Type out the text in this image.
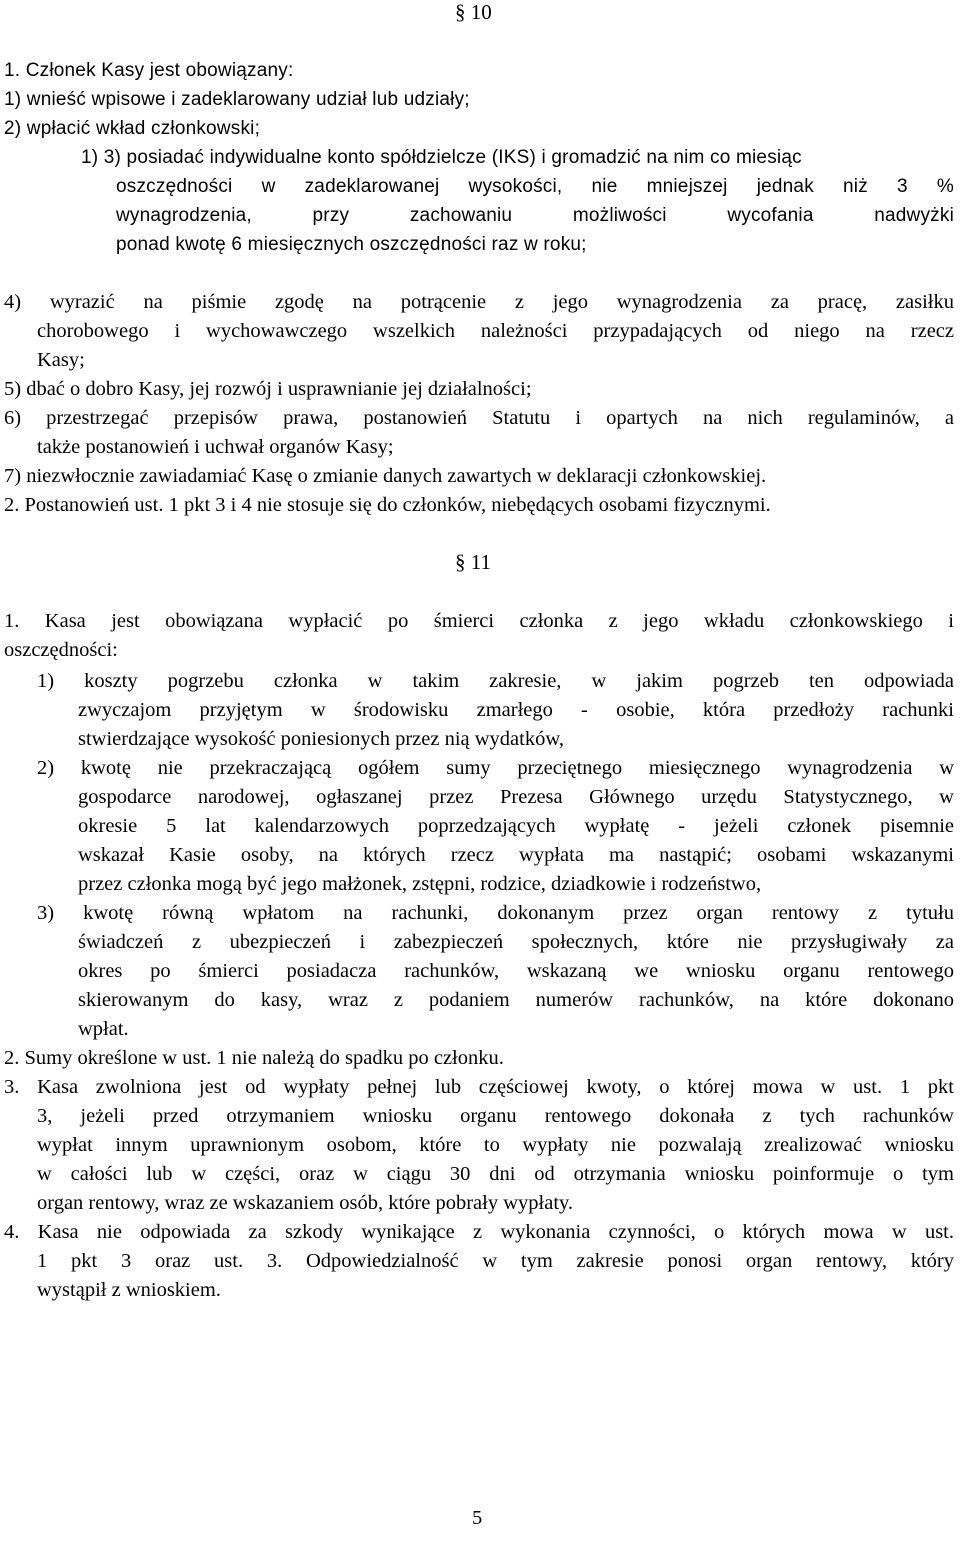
§ 10
1. Członek Kasy jest obowiązany:
1) wnieść wpisowe i zadeklarowany udział lub udziały;
2) wpłacić wkład członkowski;
1) 3) posiadać indywidualne konto spółdzielcze (IKS) i gromadzić na nim co miesiąc
oszczędności w zadeklarowanej wysokości, nie mniejszej jednak niż 3 %
wynagrodzenia, przy zachowaniu możliwości wycofania nadwyżki
ponad kwotę 6 miesięcznych oszczędności raz w roku;
4) wyrazić na piśmie zgodę na potrącenie z jego wynagrodzenia za pracę, zasiłku
chorobowego i wychowawczego wszelkich należności przypadających od niego na rzecz
Kasy;
5) dbać o dobro Kasy, jej rozwój i usprawnianie jej działalności;
6) przestrzegać przepisów prawa, postanowień Statutu i opartych na nich regulaminów, a
także postanowień i uchwał organów Kasy;
7) niezwłocznie zawiadamiać Kasę o zmianie danych zawartych w deklaracji członkowskiej.
2. Postanowień ust. 1 pkt 3 i 4 nie stosuje się do członków, niebędących osobami fizycznymi.
§ 11
1. Kasa jest obowiązana wypłacić po śmierci członka z jego wkładu członkowskiego i
oszczędności:
1) koszty pogrzebu członka w takim zakresie, w jakim pogrzeb ten odpowiada
zwyczajom przyjętym w środowisku zmarłego - osobie, która przedłoży rachunki
stwierdzające wysokość poniesionych przez nią wydatków,
2) kwotę nie przekraczającą ogółem sumy przeciętnego miesięcznego wynagrodzenia w
gospodarce narodowej, ogłaszanej przez Prezesa Głównego urzędu Statystycznego, w
okresie 5 lat kalendarzowych poprzedzających wypłatę - jeżeli członek pisemnie
wskazał Kasie osoby, na których rzecz wypłata ma nastąpić; osobami wskazanymi
przez członka mogą być jego małżonek, zstępni, rodzice, dziadkowie i rodzeństwo,
3) kwotę równą wpłatom na rachunki, dokonanym przez organ rentowy z tytułu
świadczeń z ubezpieczeń i zabezpieczeń społecznych, które nie przysługiwały za
okres po śmierci posiadacza rachunków, wskazaną we wniosku organu rentowego
skierowanym do kasy, wraz z podaniem numerów rachunków, na które dokonano
wpłat.
2. Sumy określone w ust. 1 nie należą do spadku po członku.
3. Kasa zwolniona jest od wypłaty pełnej lub częściowej kwoty, o której mowa w ust. 1 pkt
3, jeżeli przed otrzymaniem wniosku organu rentowego dokonała z tych rachunków
wypłat innym uprawnionym osobom, które to wypłaty nie pozwalają zrealizować wniosku
w całości lub w części, oraz w ciągu 30 dni od otrzymania wniosku poinformuje o tym
organ rentowy, wraz ze wskazaniem osób, które pobrały wypłaty.
4. Kasa nie odpowiada za szkody wynikające z wykonania czynności, o których mowa w ust.
1 pkt 3 oraz ust. 3. Odpowiedzialność w tym zakresie ponosi organ rentowy, który
wystąpił z wnioskiem.
5
